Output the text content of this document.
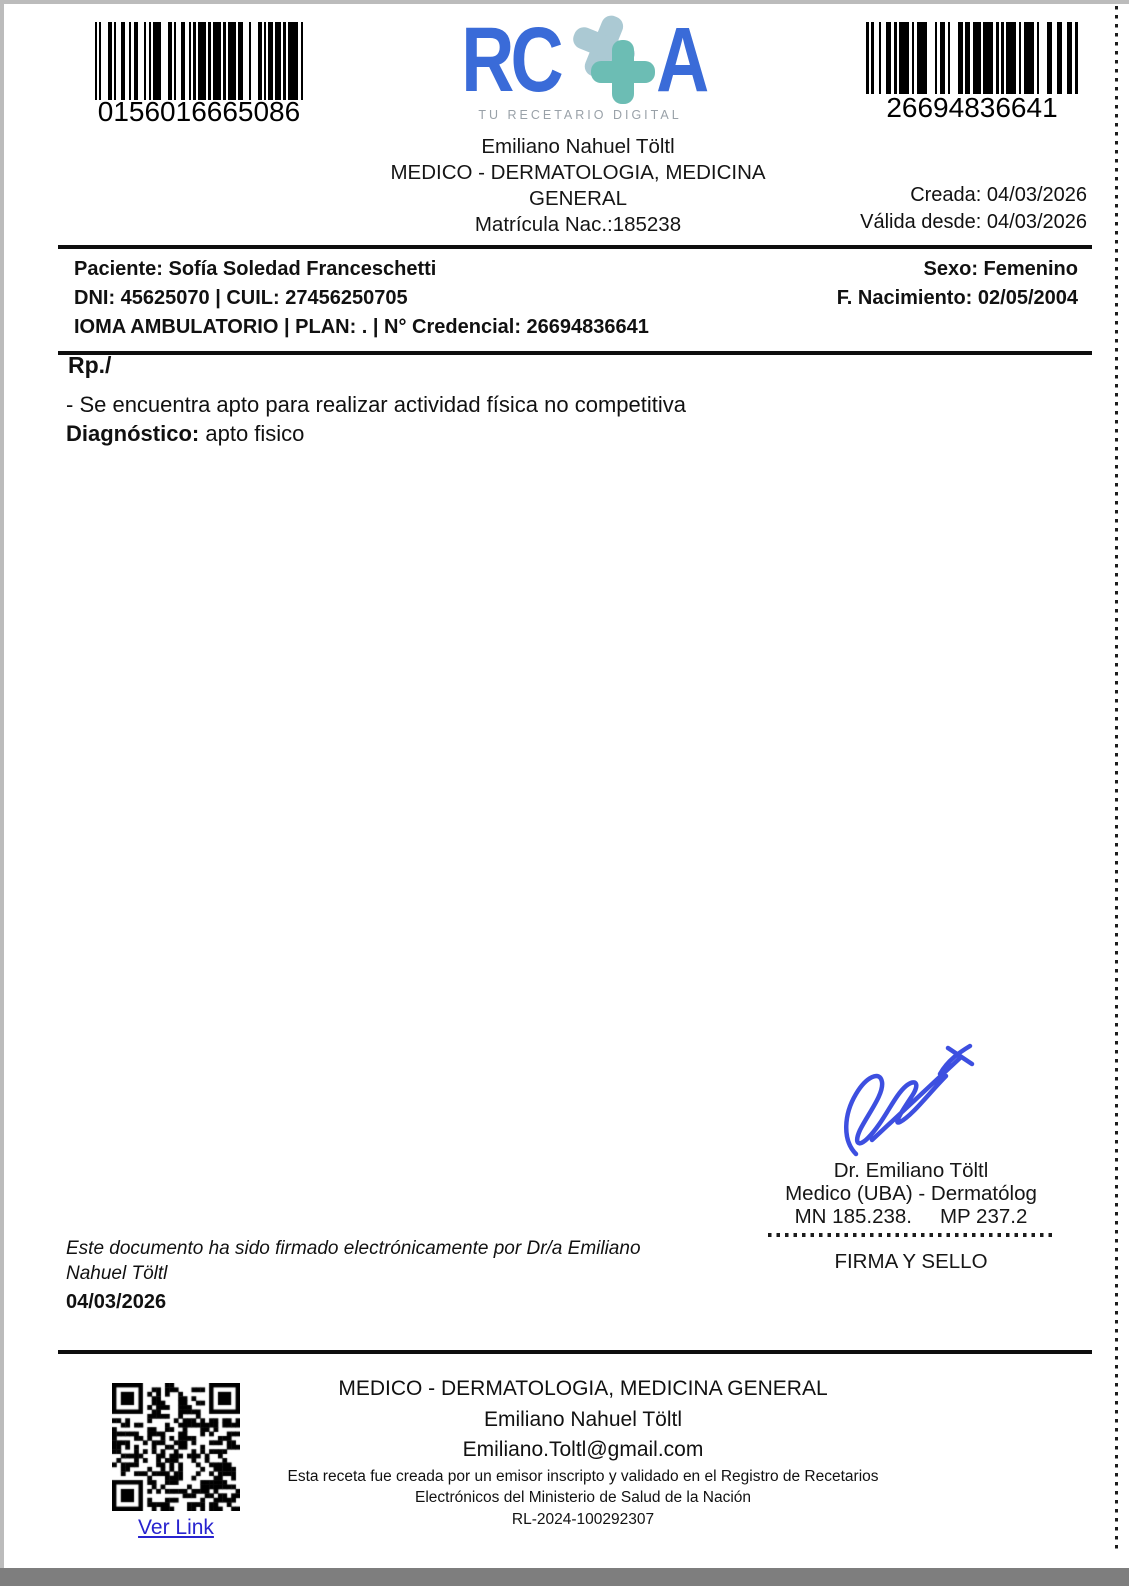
0156016665086
RC A
TU RECETARIO DIGITAL	26694836641
Emiliano Nahuel Töltl
MEDICO - DERMATOLOGIA, MEDICINA
GENERAL
Matrícula Nac.:185238
Creada: 04/03/2026
Válida desde: 04/03/2026
Paciente: Sofía Soledad Franceschetti
DNI: 45625070 | CUIL: 27456250705
IOMA AMBULATORIO | PLAN: . | N° Credencial: 26694836641
Sexo: Femenino
F. Nacimiento: 02/05/2004
Rp./
- Se encuentra apto para realizar actividad física no competitiva
Diagnóstico: apto fisico
Dr. Emiliano Töltl
Medico (UBA) - Dermatólog
MN 185.238. MP 237.2
FIRMA Y SELLO
Este documento ha sido firmado electrónicamente por Dr/a Emiliano
Nahuel Töltl
04/03/2026
Ver Link
MEDICO - DERMATOLOGIA, MEDICINA GENERAL
Emiliano Nahuel Töltl
Emiliano.Toltl@gmail.com
Esta receta fue creada por un emisor inscripto y validado en el Registro de Recetarios
Electrónicos del Ministerio de Salud de la Nación
RL-2024-100292307
